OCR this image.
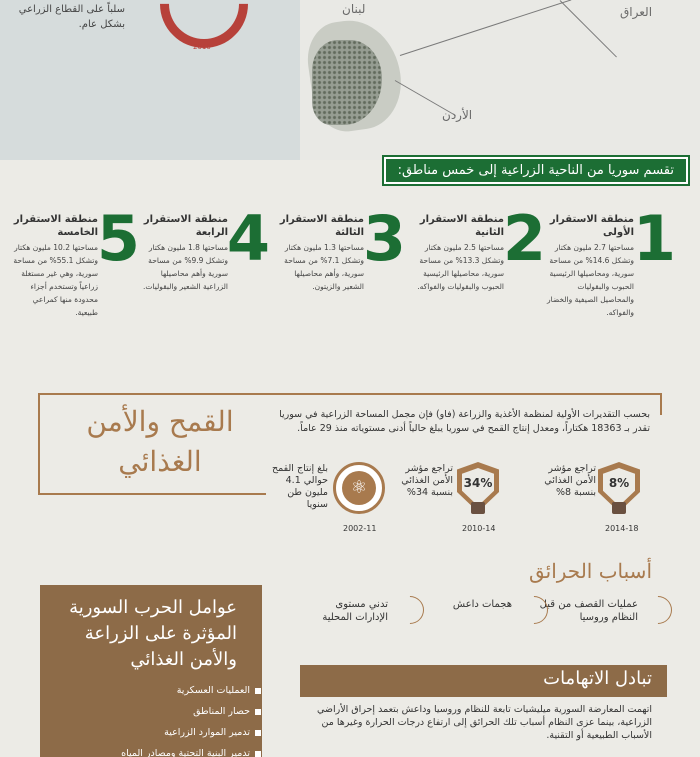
لبنان	العراق
الأردن
2010
سلباً على القطاع الزراعي بشكل عام.
تقسم سوريا من الناحية الزراعية إلى خمس مناطق:
1
منطقة الاستقرار الأولى
مساحتها 2.7 مليون هكتار وتشكل 14.6% من مساحة سورية، ومحاصيلها الرئيسية الحبوب والبقوليات والمحاصيل الصيفية والخضار والفواكه.
2
منطقة الاستقرار الثانية
مساحتها 2.5 مليون هكتار وتشكل 13.3% من مساحة سورية، محاصيلها الرئيسية الحبوب والبقوليات والفواكه.
3
منطقة الاستقرار الثالثة
مساحتها 1.3 مليون هكتار وتشكل 7.1% من مساحة سورية، وأهم محاصيلها الشعير والزيتون.
4
منطقة الاستقرار الرابعة
مساحتها 1.8 مليون هكتار وتشكل 9.9% من مساحة سورية وأهم محاصيلها الزراعية الشعير والبقوليات.
5
منطقة الاستقرار الخامسة
مساحتها 10.2 مليون هكتار وتشكل 55.1% من مساحة سورية، وهي غير مستغلة زراعياً وتستخدم أجزاء محدودة منها كمراعي طبيعية.
القمح والأمن الغذائي
بحسب التقديرات الأولية لمنظمة الأغذية والزراعة (فاو) فإن مجمل المساحة الزراعية في سوريا تقدر بـ 18363 هكتاراً، ومعدل إنتاج القمح في سوريا يبلغ حالياً أدنى مستوياته منذ 29 عاماً.
8%
2014-18
تراجع مؤشر الأمن الغذائي بنسبة 8%
34%
2010-14
تراجع مؤشر الأمن الغذائي بنسبة 34%
⚛
2002-11
بلغ إنتاج القمح حوالي 4.1 مليون طن سنويا
أسباب الحرائق
عمليات القصف من قبل النظام وروسيا
هجمات داعش
تدني مستوى الإدارات المحلية
عوامل الحرب السورية المؤثرة على الزراعة والأمن الغذائي
العمليات العسكرية
حصار المناطق
تدمير الموارد الزراعية
تدمير البنية التحتية ومصادر المياه
تبادل الاتهامات
اتهمت المعارضة السورية ميليشيات تابعة للنظام وروسيا وداعش بتعمد إحراق الأراضي الزراعية، بينما عزى النظام أسباب تلك الحرائق إلى ارتفاع درجات الحرارة وغيرها من الأسباب الطبيعية أو التقنية.
